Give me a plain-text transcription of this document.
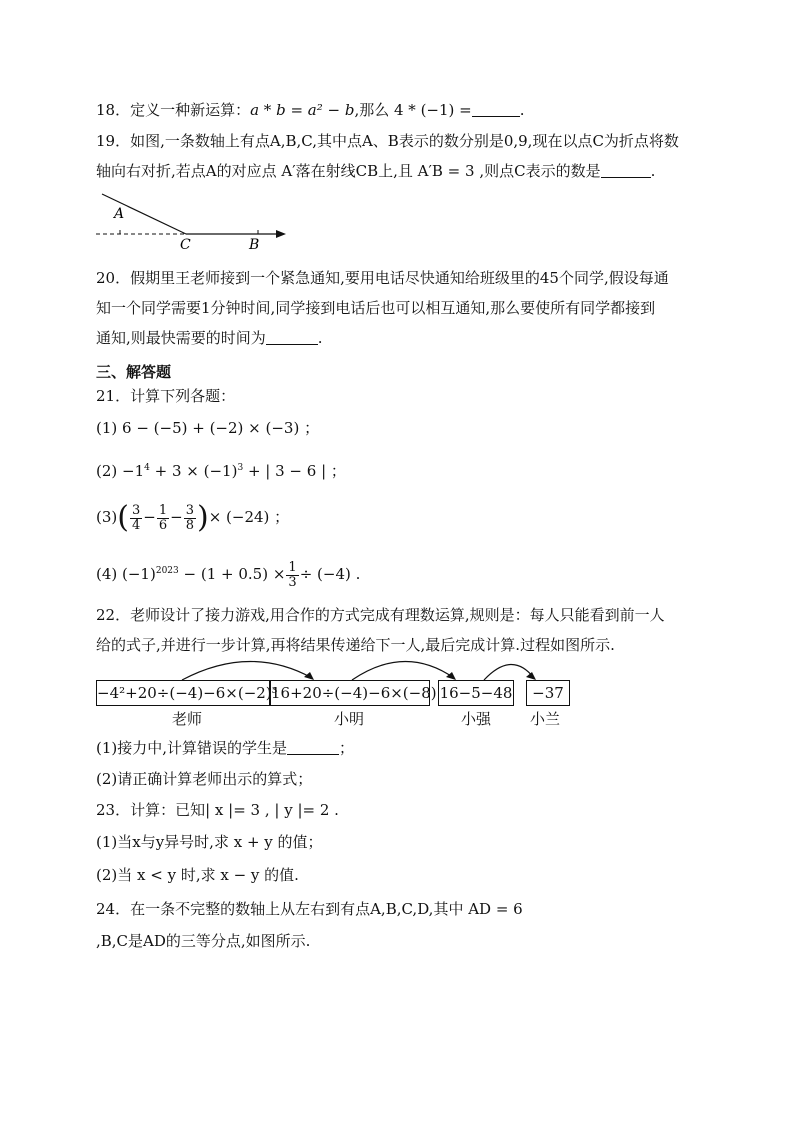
18．定义一种新运算：a * b = a² − b,那么 4 * (−1) =	.
19．如图,一条数轴上有点A,B,C,其中点A、B表示的数分别是0,9,现在以点C为折点将数
轴向右对折,若点A的对应点 A′落在射线CB上,且 A′B = 3 ,则点C表示的数是	.
A
C	B
20．假期里王老师接到一个紧急通知,要用电话尽快通知给班级里的45个同学,假设每通
知一个同学需要1分钟时间,同学接到电话后也可以相互通知,那么要使所有同学都接到
通知,则最快需要的时间为	.
三、解答题
21．计算下列各题：
(1) 6 − (−5) + (−2) × (−3) ；
$(2) -1^4 + 3 \times (-1)^3$ + | 3 − 6 | ；
$(3)( \frac{3}{4} - \frac{1}{6} - \frac{3}{8}$ )× (−24) ；
(4) $(-1)^{2023} - (1 + 0.5) \times \frac{1}{3} \div (-4)$ .
22．老师设计了接力游戏,用合作的方式完成有理数运算,规则是：每人只能看到前一人
给的式子,并进行一步计算,再将结果传递给下一人,最后完成计算.过程如图所示.
−4²+20÷(−4)−6×(−2)³
16+20÷(−4)−6×(−8) 16−5−48	−37
老师	小明	小强	小兰
(1)接力中,计算错误的学生是	；
(2)请正确计算老师出示的算式；
23．计算：已知| x |= 3 , | y |= 2 .
(1)当x与y异号时,求 x + y 的值；
(2)当 x < y 时,求 x − y 的值.
24．在一条不完整的数轴上从左右到有点A,B,C,D,其中 AD = 6
,B,C是AD的三等分点,如图所示.
